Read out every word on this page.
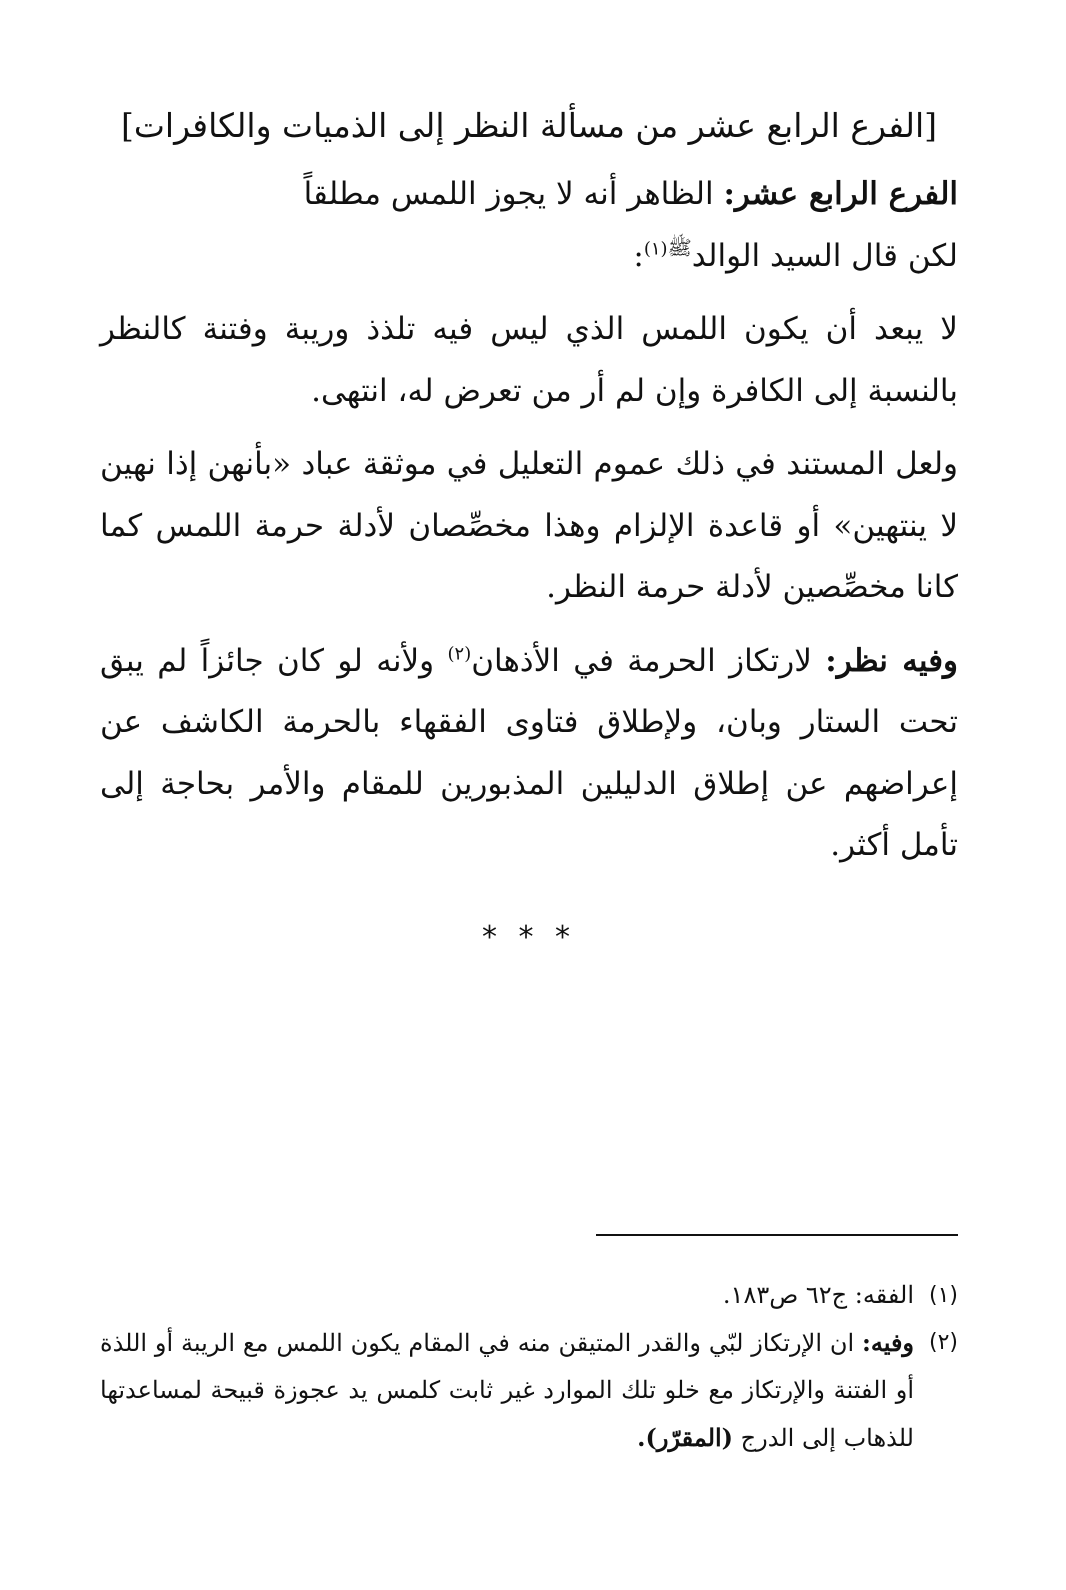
[الفرع الرابع عشر من مسألة النظر إلى الذميات والكافرات]

الفرع الرابع عشر: الظاهر أنه لا يجوز اللمس مطلقاً

لكن قال السيد الوالد$^{ﷺ(١)}$:

لا يبعد أن يكون اللمس الذي ليس فيه تلذذ وريبة وفتنة كالنظر بالنسبة إلى الكافرة وإن لم أر من تعرض له، انتهى.

ولعل المستند في ذلك عموم التعليل في موثقة عباد «بأنهن إذا نهين لا ينتهين» أو قاعدة الإلزام وهذا مخصِّصان لأدلة حرمة اللمس كما كانا مخصِّصين لأدلة حرمة النظر.

وفيه نظر: لارتكاز الحرمة في الأذهان$^{(٢)}$ ولأنه لو كان جائزاً لم يبق تحت الستار وبان، ولإطلاق فتاوى الفقهاء بالحرمة الكاشف عن إعراضهم عن إطلاق الدليلين المذبورين للمقام والأمر بحاجة إلى تأمل أكثر.

* * *
(١)
الفقه: ج٦٢ ص١٨٣.
(٢)
وفيه: ان الإرتكاز لبّي والقدر المتيقن منه في المقام يكون اللمس مع الريبة أو اللذة أو الفتنة والإرتكاز مع خلو تلك الموارد غير ثابت كلمس يد عجوزة قبيحة لمساعدتها للذهاب إلى الدرج (المقرّر).
